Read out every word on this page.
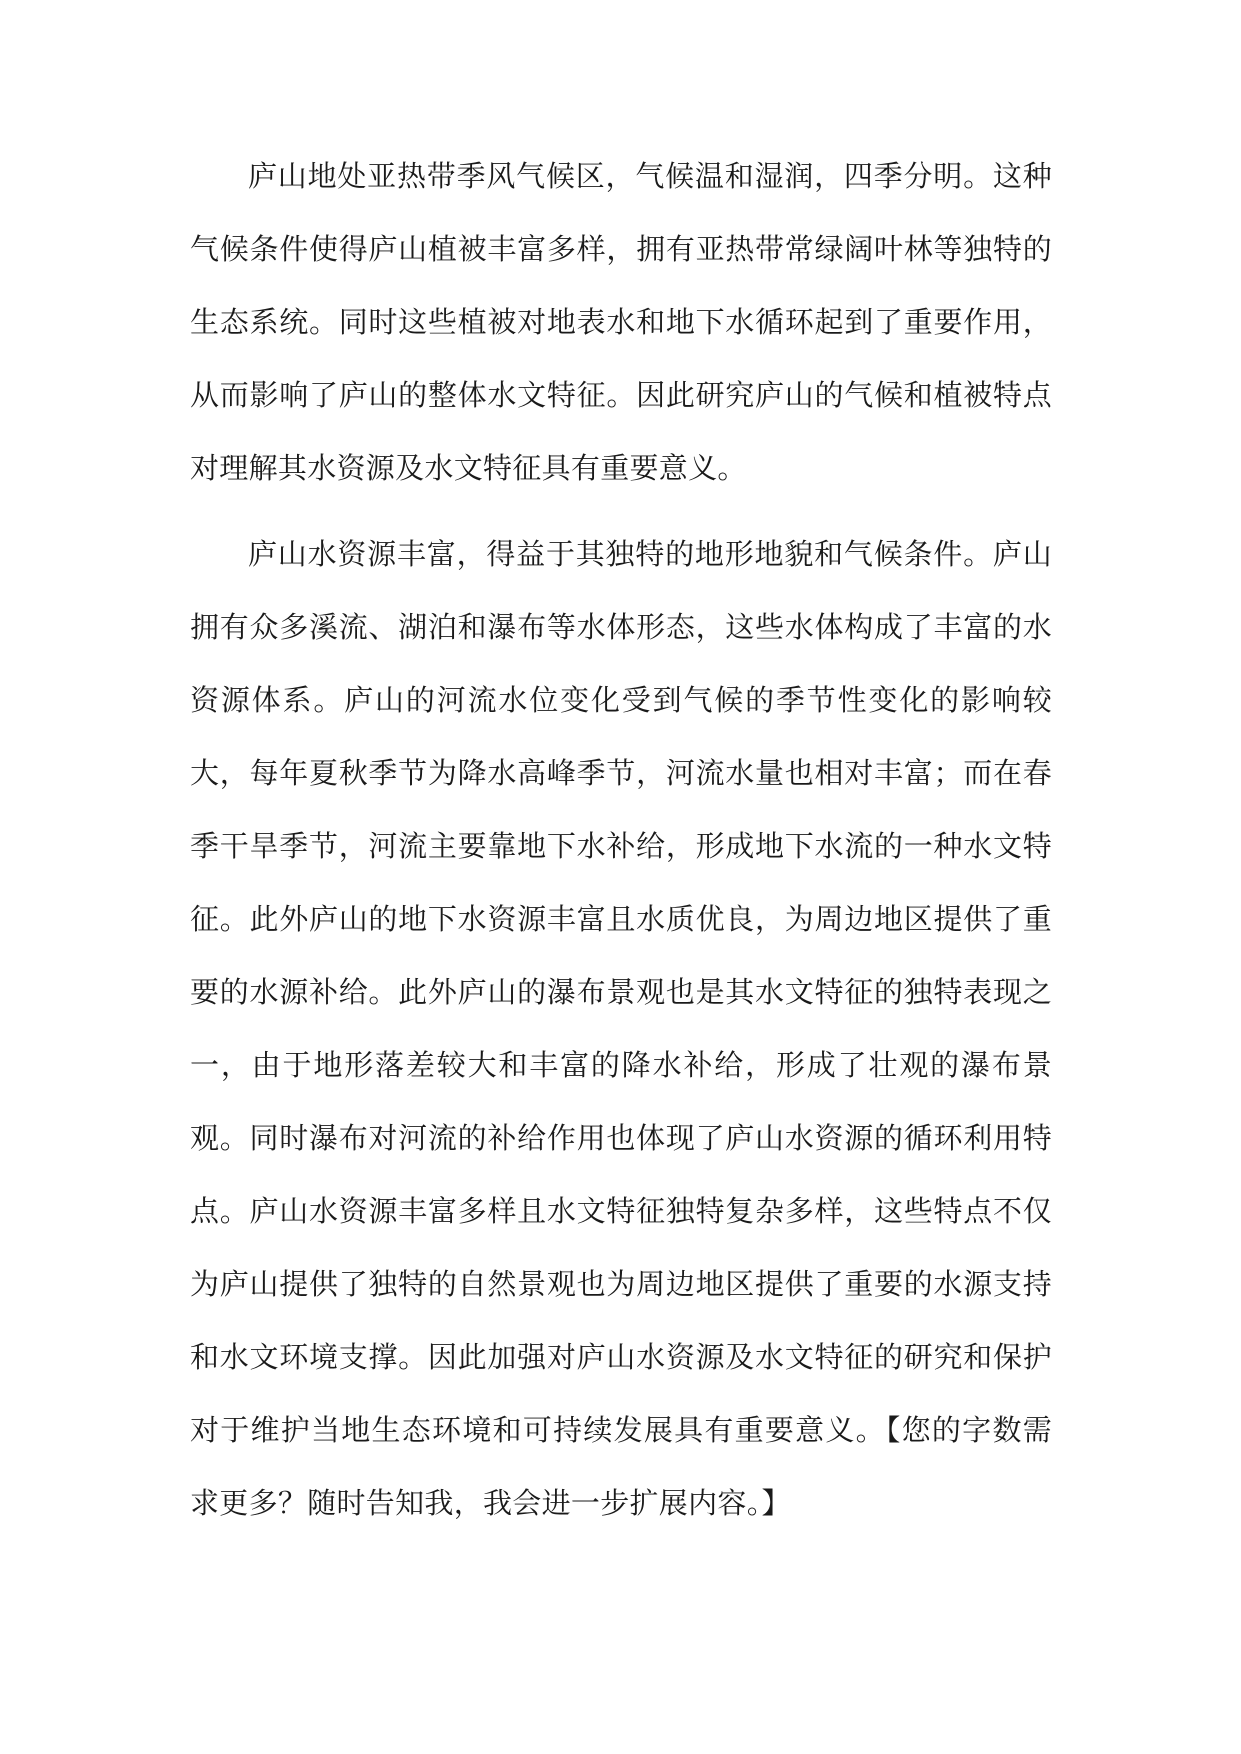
庐山地处亚热带季风气候区，气候温和湿润，四季分明。这种气候条件使得庐山植被丰富多样，拥有亚热带常绿阔叶林等独特的生态系统。同时这些植被对地表水和地下水循环起到了重要作用，从而影响了庐山的整体水文特征。因此研究庐山的气候和植被特点对理解其水资源及水文特征具有重要意义。

庐山水资源丰富，得益于其独特的地形地貌和气候条件。庐山拥有众多溪流、湖泊和瀑布等水体形态，这些水体构成了丰富的水资源体系。庐山的河流水位变化受到气候的季节性变化的影响较大，每年夏秋季节为降水高峰季节，河流水量也相对丰富；而在春季干旱季节，河流主要靠地下水补给，形成地下水流的一种水文特征。此外庐山的地下水资源丰富且水质优良，为周边地区提供了重要的水源补给。此外庐山的瀑布景观也是其水文特征的独特表现之一，由于地形落差较大和丰富的降水补给，形成了壮观的瀑布景观。同时瀑布对河流的补给作用也体现了庐山水资源的循环利用特点。庐山水资源丰富多样且水文特征独特复杂多样，这些特点不仅为庐山提供了独特的自然景观也为周边地区提供了重要的水源支持和水文环境支撑。因此加强对庐山水资源及水文特征的研究和保护对于维护当地生态环境和可持续发展具有重要意义。【您的字数需求更多？随时告知我，我会进一步扩展内容。】
